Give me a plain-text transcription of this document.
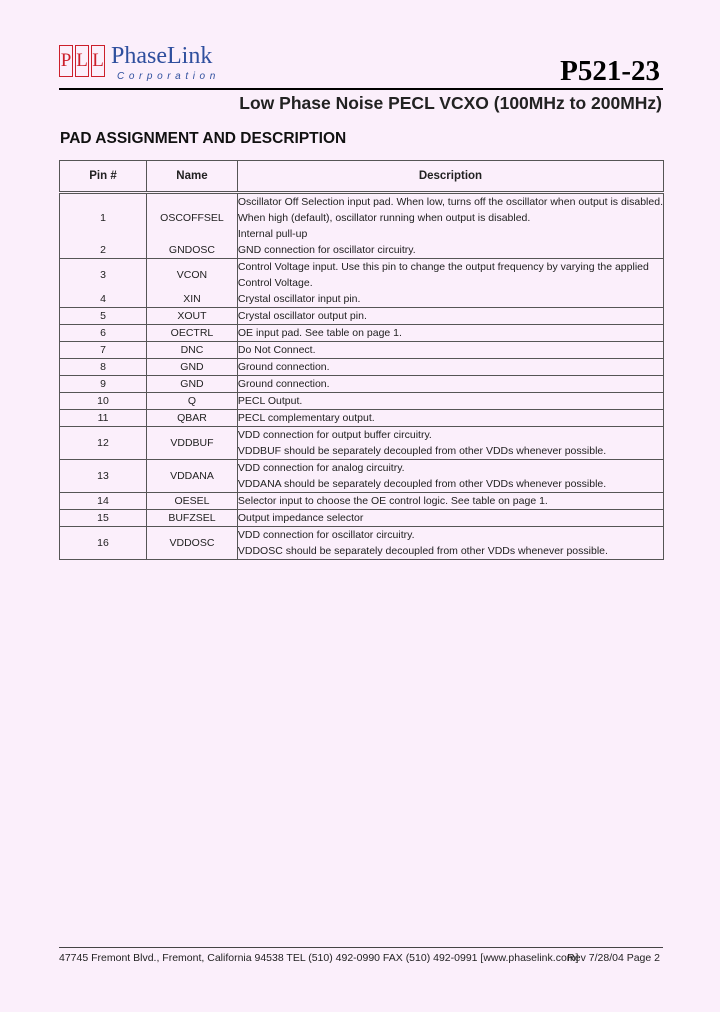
P L L PhaseLink
Corporation	P521-23
Low Phase Noise PECL VCXO (100MHz to 200MHz)
PAD ASSIGNMENT AND DESCRIPTION
Pin #	Name	Description
1	OSCOFFSEL	Oscillator Off Selection input pad. When low, turns off the oscillator when output is disabled.
When high (default), oscillator running when output is disabled.
Internal pull-up

2	GNDOSC	GND connection for oscillator circuitry.

3	VCON	Control Voltage input. Use this pin to change the output frequency by varying the applied
Control Voltage.

4	XIN	Crystal oscillator input pin.

5	XOUT	Crystal oscillator output pin.

6	OECTRL	OE input pad. See table on page 1.

7	DNC	Do Not Connect.

8	GND	Ground connection.

9	GND	Ground connection.

10	Q	PECL Output.

11	QBAR	PECL complementary output.

12	VDDBUF	VDD connection for output buffer circuitry.
VDDBUF should be separately decoupled from other VDDs whenever possible.

13	VDDANA	VDD connection for analog circuitry.
VDDANA should be separately decoupled from other VDDs whenever possible.

14	OESEL	Selector input to choose the OE control logic. See table on page 1.

15	BUFZSEL	Output impedance selector

16	VDDOSC	VDD connection for oscillator circuitry.
VDDOSC should be separately decoupled from other VDDs whenever possible.
47745 Fremont Blvd., Fremont, California 94538 TEL (510) 492-0990 FAX (510) 492-0991 [www.phaselink.com]
Rev 7/28/04 Page 2
